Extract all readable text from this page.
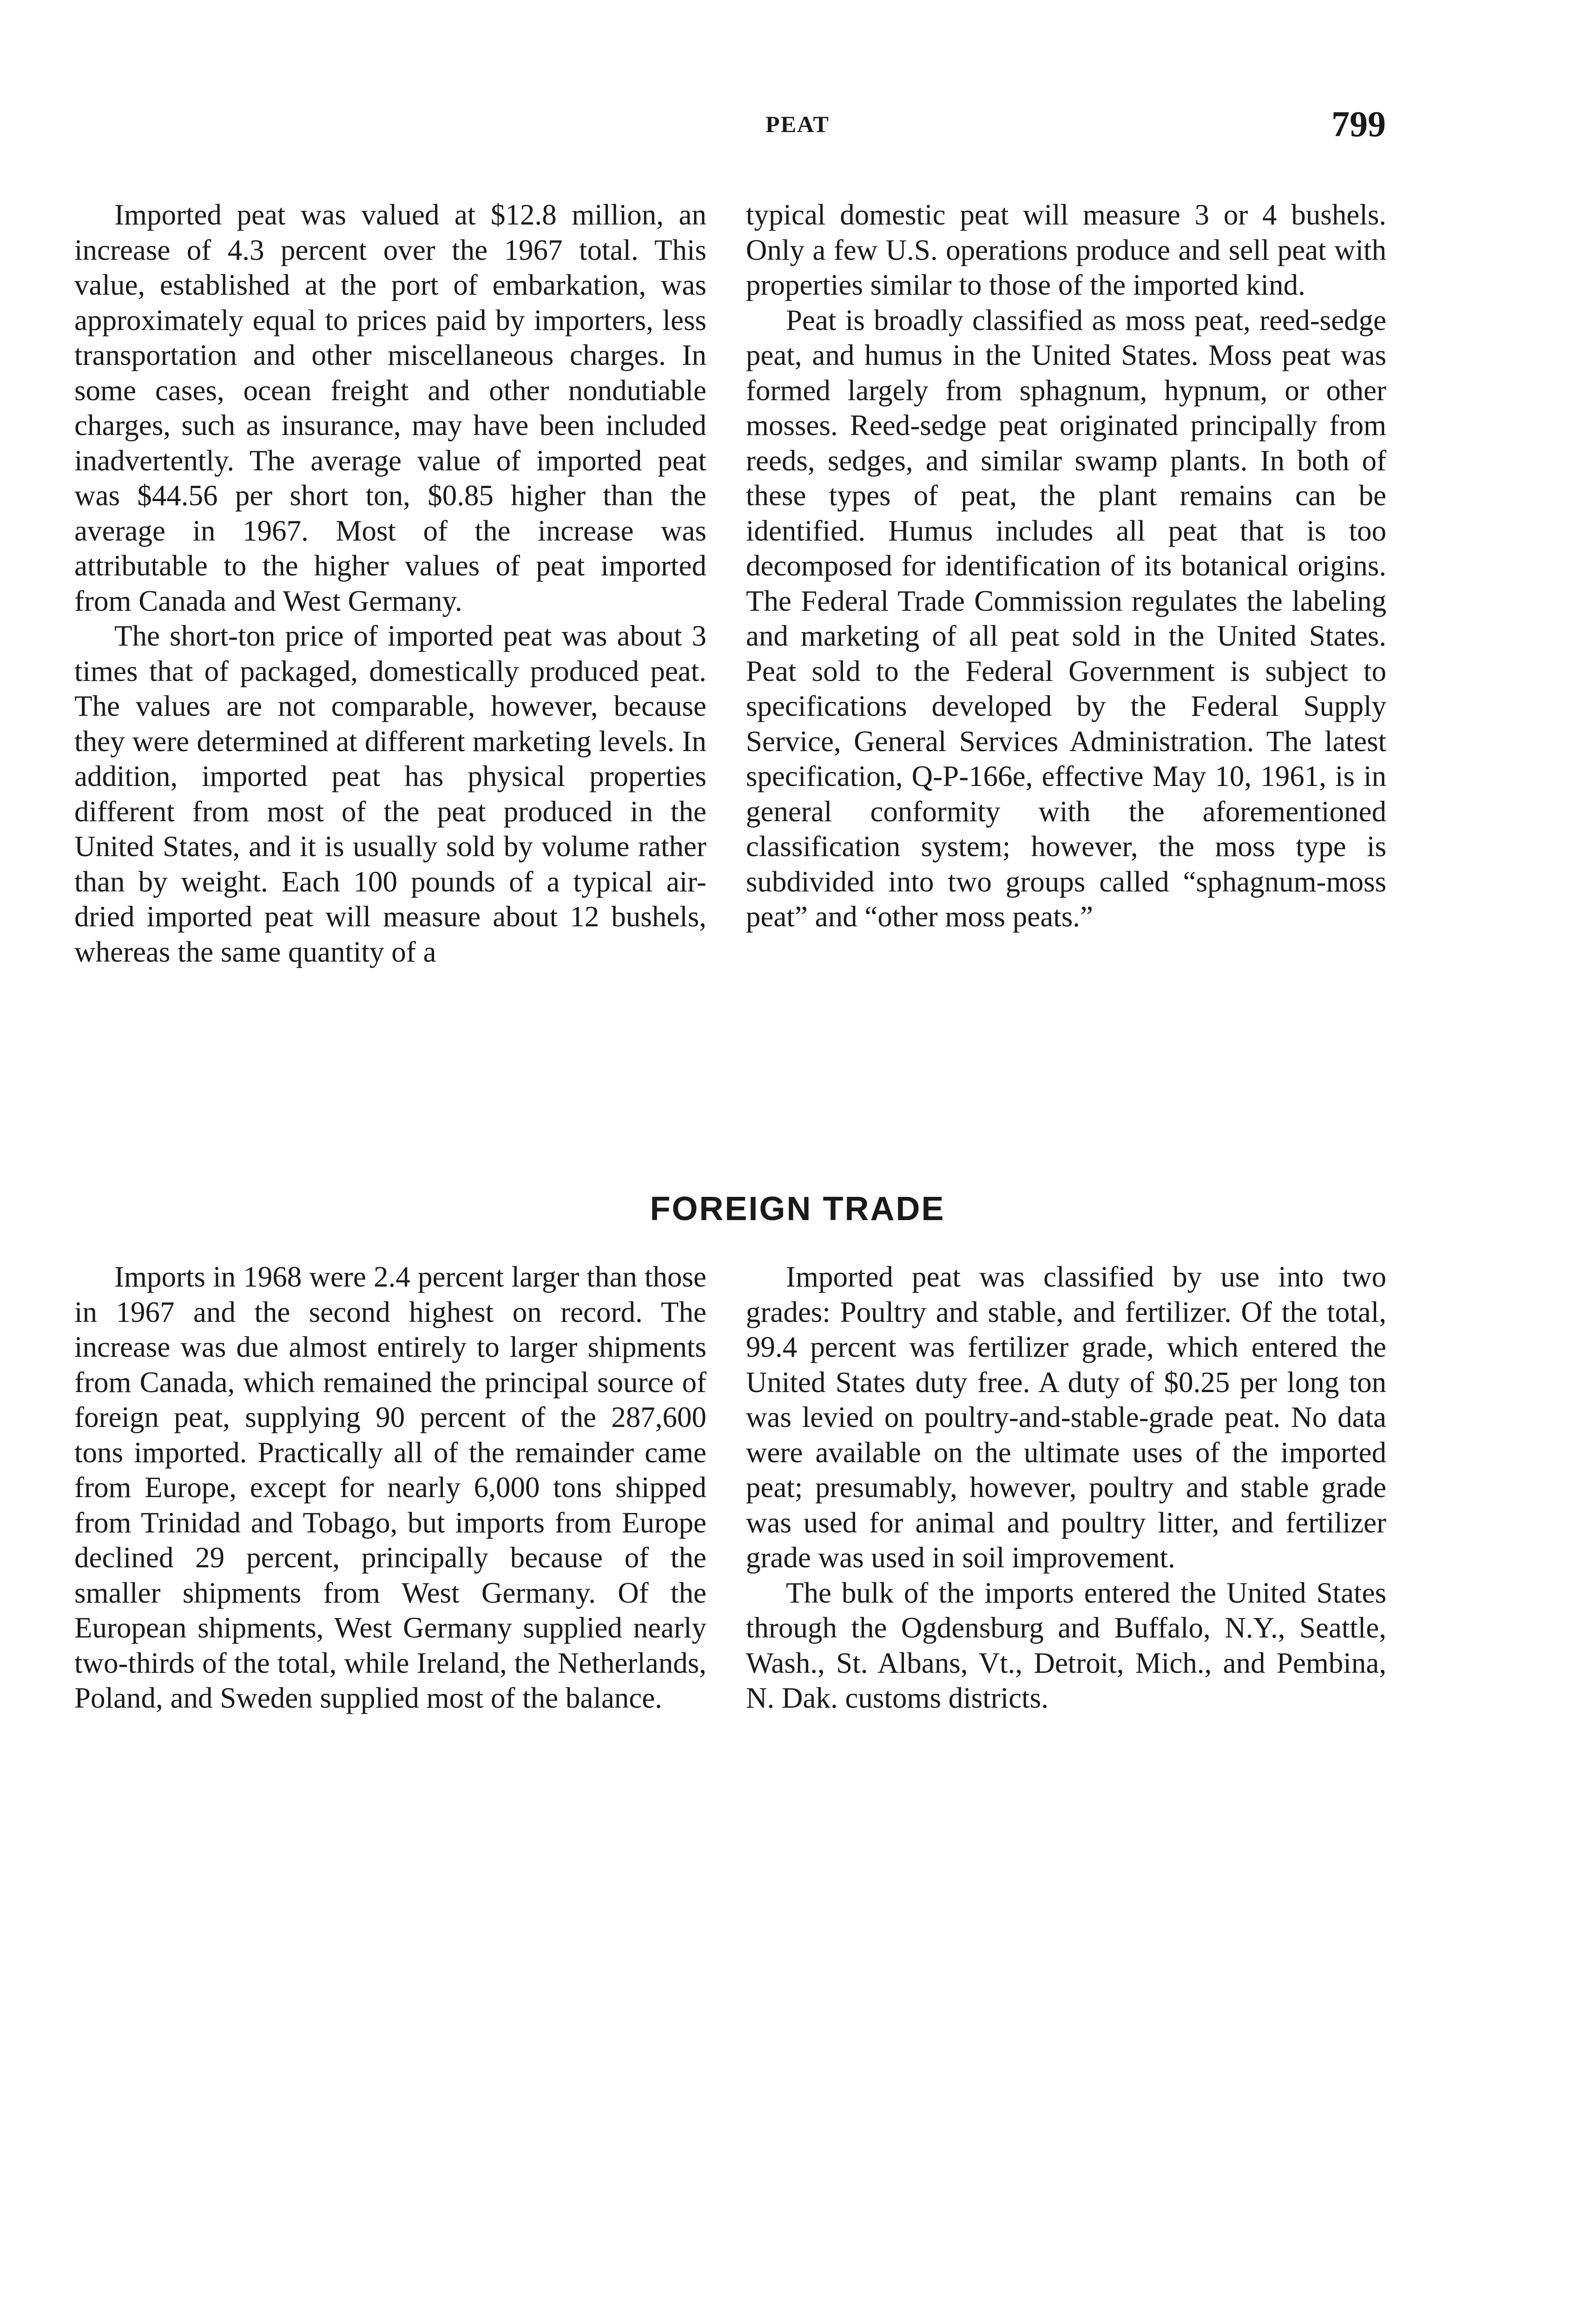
PEAT	799

Imported peat was valued at $12.8 million, an increase of 4.3 percent over the 1967 total. This value, established at the port of embarkation, was approximately equal to prices paid by importers, less transportation and other miscellaneous charges. In some cases, ocean freight and other nondutiable charges, such as insurance, may have been included inadvertently. The average value of imported peat was $44.56 per short ton, $0.85 higher than the average in 1967. Most of the increase was attributable to the higher values of peat imported from Canada and West Germany.

The short-ton price of imported peat was about 3 times that of packaged, domestically produced peat. The values are not comparable, however, because they were determined at different marketing levels. In addition, imported peat has physical properties different from most of the peat produced in the United States, and it is usually sold by volume rather than by weight. Each 100 pounds of a typical air-dried imported peat will measure about 12 bushels, whereas the same quantity of a

typical domestic peat will measure 3 or 4 bushels. Only a few U.S. operations produce and sell peat with properties similar to those of the imported kind.

Peat is broadly classified as moss peat, reed-sedge peat, and humus in the United States. Moss peat was formed largely from sphagnum, hypnum, or other mosses. Reed-sedge peat originated principally from reeds, sedges, and similar swamp plants. In both of these types of peat, the plant remains can be identified. Humus includes all peat that is too decomposed for identification of its botanical origins. The Federal Trade Commission regulates the labeling and marketing of all peat sold in the United States. Peat sold to the Federal Government is subject to specifications developed by the Federal Supply Service, General Services Administration. The latest specification, Q-P-166e, effective May 10, 1961, is in general conformity with the aforementioned classification system; however, the moss type is subdivided into two groups called “sphagnum-moss peat” and “other moss peats.”

FOREIGN TRADE

Imports in 1968 were 2.4 percent larger than those in 1967 and the second highest on record. The increase was due almost entirely to larger shipments from Canada, which remained the principal source of foreign peat, supplying 90 percent of the 287,600 tons imported. Practically all of the remainder came from Europe, except for nearly 6,000 tons shipped from Trinidad and Tobago, but imports from Europe declined 29 percent, principally because of the smaller shipments from West Germany. Of the European shipments, West Germany supplied nearly two-thirds of the total, while Ireland, the Netherlands, Poland, and Sweden supplied most of the balance.

Imported peat was classified by use into two grades: Poultry and stable, and fertilizer. Of the total, 99.4 percent was fertilizer grade, which entered the United States duty free. A duty of $0.25 per long ton was levied on poultry-and-stable-grade peat. No data were available on the ultimate uses of the imported peat; presumably, however, poultry and stable grade was used for animal and poultry litter, and fertilizer grade was used in soil improvement.

The bulk of the imports entered the United States through the Ogdensburg and Buffalo, N.Y., Seattle, Wash., St. Albans, Vt., Detroit, Mich., and Pembina, N. Dak. customs districts.
